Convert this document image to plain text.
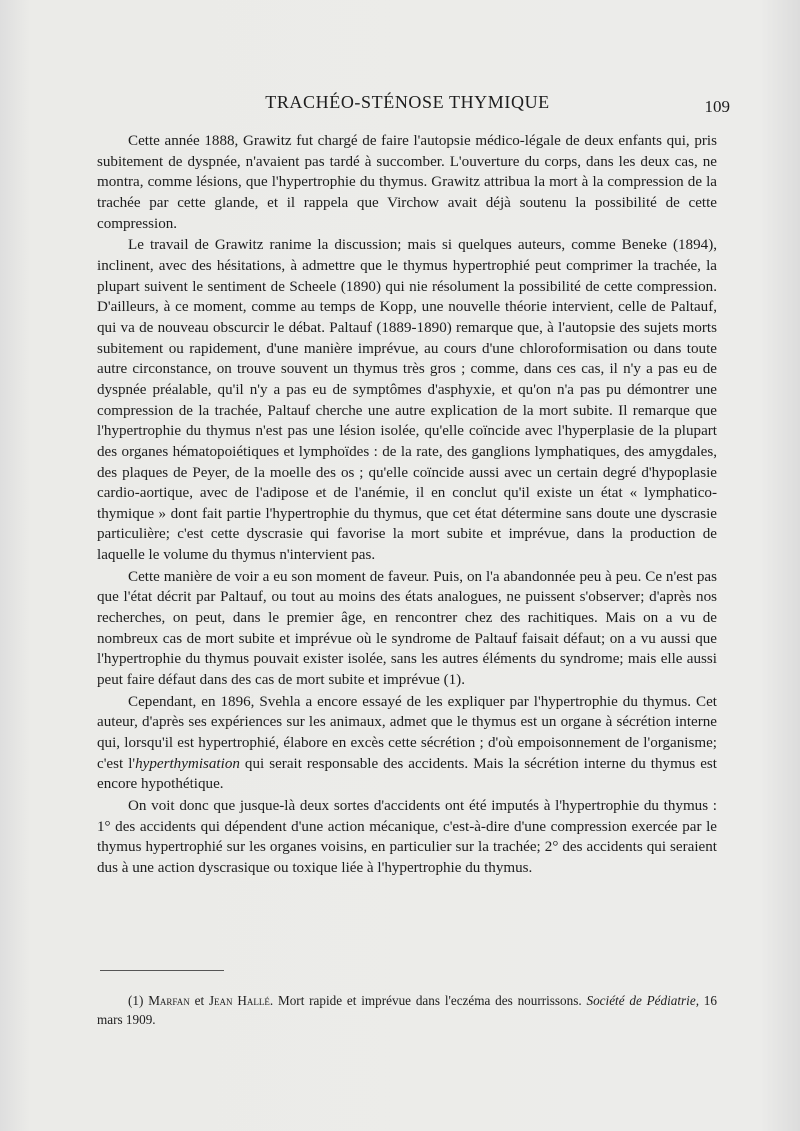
TRACHÉO-STÉNOSE THYMIQUE	109

Cette année 1888, Grawitz fut chargé de faire l'autopsie médico-légale de deux enfants qui, pris subitement de dyspnée, n'avaient pas tardé à succomber. L'ouverture du corps, dans les deux cas, ne montra, comme lésions, que l'hypertrophie du thymus. Grawitz attribua la mort à la compression de la trachée par cette glande, et il rappela que Virchow avait déjà soutenu la possibilité de cette compression.

Le travail de Grawitz ranime la discussion; mais si quelques auteurs, comme Beneke (1894), inclinent, avec des hésitations, à admettre que le thymus hypertrophié peut comprimer la trachée, la plupart suivent le sentiment de Scheele (1890) qui nie résolument la possibilité de cette compression. D'ailleurs, à ce moment, comme au temps de Kopp, une nouvelle théorie intervient, celle de Paltauf, qui va de nouveau obscurcir le débat. Paltauf (1889-1890) remarque que, à l'autopsie des sujets morts subitement ou rapidement, d'une manière imprévue, au cours d'une chloroformisation ou dans toute autre circonstance, on trouve souvent un thymus très gros ; comme, dans ces cas, il n'y a pas eu de dyspnée préalable, qu'il n'y a pas eu de symptômes d'asphyxie, et qu'on n'a pas pu démontrer une compression de la trachée, Paltauf cherche une autre explication de la mort subite. Il remarque que l'hypertrophie du thymus n'est pas une lésion isolée, qu'elle coïncide avec l'hyperplasie de la plupart des organes hématopoiétiques et lymphoïdes : de la rate, des ganglions lymphatiques, des amygdales, des plaques de Peyer, de la moelle des os ; qu'elle coïncide aussi avec un certain degré d'hypoplasie cardio-aortique, avec de l'adipose et de l'anémie, il en conclut qu'il existe un état « lymphatico-thymique » dont fait partie l'hypertrophie du thymus, que cet état détermine sans doute une dyscrasie particulière; c'est cette dyscrasie qui favorise la mort subite et imprévue, dans la production de laquelle le volume du thymus n'intervient pas.

Cette manière de voir a eu son moment de faveur. Puis, on l'a abandonnée peu à peu. Ce n'est pas que l'état décrit par Paltauf, ou tout au moins des états analogues, ne puissent s'observer; d'après nos recherches, on peut, dans le premier âge, en rencontrer chez des rachitiques. Mais on a vu de nombreux cas de mort subite et imprévue où le syndrome de Paltauf faisait défaut; on a vu aussi que l'hypertrophie du thymus pouvait exister isolée, sans les autres éléments du syndrome; mais elle aussi peut faire défaut dans des cas de mort subite et imprévue (1).

Cependant, en 1896, Svehla a encore essayé de les expliquer par l'hypertrophie du thymus. Cet auteur, d'après ses expériences sur les animaux, admet que le thymus est un organe à sécrétion interne qui, lorsqu'il est hypertrophié, élabore en excès cette sécrétion ; d'où empoisonnement de l'organisme; c'est l'hyperthymisation qui serait responsable des accidents. Mais la sécrétion interne du thymus est encore hypothétique.

On voit donc que jusque-là deux sortes d'accidents ont été imputés à l'hypertrophie du thymus : 1° des accidents qui dépendent d'une action mécanique, c'est-à-dire d'une compression exercée par le thymus hypertrophié sur les organes voisins, en particulier sur la trachée; 2° des accidents qui seraient dus à une action dyscrasique ou toxique liée à l'hypertrophie du thymus.

(1) Marfan et Jean Hallé. Mort rapide et imprévue dans l'eczéma des nourrissons. Société de Pédiatrie, 16 mars 1909.
